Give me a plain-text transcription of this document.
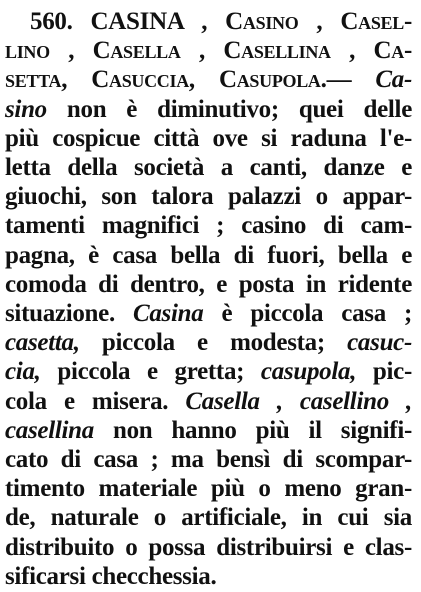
560. CASINA , Casino , Casel-
lino , Casella , Casellina , Ca-
setta, Casuccia, Casupola.— Ca-
sino non è diminutivo; quei delle
più cospicue città ove si raduna l'e-
letta della società a canti, danze e
giuochi, son talora palazzi o appar-
tamenti magnifici ; casino di cam-
pagna, è casa bella di fuori, bella e
comoda di dentro, e posta in ridente
situazione. Casina è piccola casa ;
casetta, piccola e modesta; casuc-
cia, piccola e gretta; casupola, pic-
cola e misera. Casella , casellino ,
casellina non hanno più il signifi-
cato di casa ; ma bensì di scompar-
timento materiale più o meno gran-
de, naturale o artificiale, in cui sia
distribuito o possa distribuirsi e clas-
sificarsi checchessia.
